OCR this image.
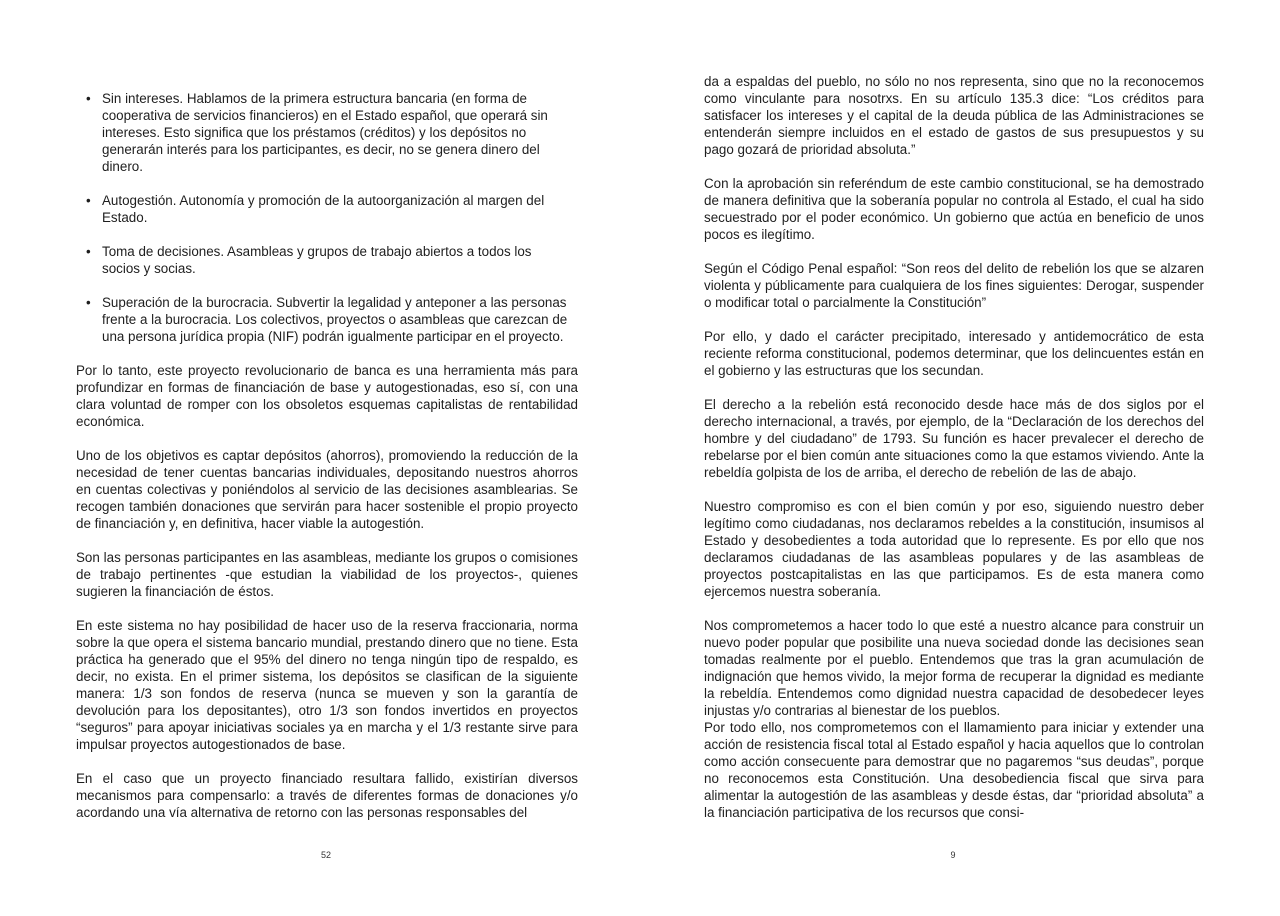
• Sin intereses. Hablamos de la primera estructura bancaria (en forma de cooperativa de servicios financieros) en el Estado español, que operará sin intereses. Esto significa que los préstamos (créditos) y los depósitos no generarán interés para los participantes, es decir, no se genera dinero del dinero.
• Autogestión. Autonomía y promoción de la autoorganización al margen del Estado.
• Toma de decisiones. Asambleas y grupos de trabajo abiertos a todos los socios y socias.
• Superación de la burocracia. Subvertir la legalidad y anteponer a las personas frente a la burocracia. Los colectivos, proyectos o asambleas que carezcan de una persona jurídica propia (NIF) podrán igualmente participar en el proyecto.

Por lo tanto, este proyecto revolucionario de banca es una herramienta más para profundizar en formas de financiación de base y autogestionadas, eso sí, con una clara voluntad de romper con los obsoletos esquemas capitalistas de rentabilidad económica.

Uno de los objetivos es captar depósitos (ahorros), promoviendo la reducción de la necesidad de tener cuentas bancarias individuales, depositando nuestros ahorros en cuentas colectivas y poniéndolos al servicio de las decisiones asamblearias. Se recogen también donaciones que servirán para hacer sostenible el propio proyecto de financiación y, en definitiva, hacer viable la autogestión.

Son las personas participantes en las asambleas, mediante los grupos o comisiones de trabajo pertinentes -que estudian la viabilidad de los proyectos-, quienes sugieren la financiación de éstos.

En este sistema no hay posibilidad de hacer uso de la reserva fraccionaria, norma sobre la que opera el sistema bancario mundial, prestando dinero que no tiene. Esta práctica ha generado que el 95% del dinero no tenga ningún tipo de respaldo, es decir, no exista. En el primer sistema, los depósitos se clasifican de la siguiente manera: 1/3 son fondos de reserva (nunca se mueven y son la garantía de devolución para los depositantes), otro 1/3 son fondos invertidos en proyectos “seguros” para apoyar iniciativas sociales ya en marcha y el 1/3 restante sirve para impulsar proyectos autogestionados de base.

En el caso que un proyecto financiado resultara fallido, existirían diversos mecanismos para compensarlo: a través de diferentes formas de donaciones y/o acordando una vía alternativa de retorno con las personas responsables del

52

da a espaldas del pueblo, no sólo no nos representa, sino que no la reconocemos como vinculante para nosotrxs. En su artículo 135.3 dice: “Los créditos para satisfacer los intereses y el capital de la deuda pública de las Administraciones se entenderán siempre incluidos en el estado de gastos de sus presupuestos y su pago gozará de prioridad absoluta.”

Con la aprobación sin referéndum de este cambio constitucional, se ha demostrado de manera definitiva que la soberanía popular no controla al Estado, el cual ha sido secuestrado por el poder económico. Un gobierno que actúa en beneficio de unos pocos es ilegítimo.

Según el Código Penal español: “Son reos del delito de rebelión los que se alzaren violenta y públicamente para cualquiera de los fines siguientes: Derogar, suspender o modificar total o parcialmente la Constitución”

Por ello, y dado el carácter precipitado, interesado y antidemocrático de esta reciente reforma constitucional, podemos determinar, que los delincuentes están en el gobierno y las estructuras que los secundan.

El derecho a la rebelión está reconocido desde hace más de dos siglos por el derecho internacional, a través, por ejemplo, de la “Declaración de los derechos del hombre y del ciudadano” de 1793. Su función es hacer prevalecer el derecho de rebelarse por el bien común ante situaciones como la que estamos viviendo. Ante la rebeldía golpista de los de arriba, el derecho de rebelión de las de abajo.

Nuestro compromiso es con el bien común y por eso, siguiendo nuestro deber legítimo como ciudadanas, nos declaramos rebeldes a la constitución, insumisos al Estado y desobedientes a toda autoridad que lo represente. Es por ello que nos declaramos ciudadanas de las asambleas populares y de las asambleas de proyectos postcapitalistas en las que participamos. Es de esta manera como ejercemos nuestra soberanía.

Nos comprometemos a hacer todo lo que esté a nuestro alcance para construir un nuevo poder popular que posibilite una nueva sociedad donde las decisiones sean tomadas realmente por el pueblo. Entendemos que tras la gran acumulación de indignación que hemos vivido, la mejor forma de recuperar la dignidad es mediante la rebeldía. Entendemos como dignidad nuestra capacidad de desobedecer leyes injustas y/o contrarias al bienestar de los pueblos.

Por todo ello, nos comprometemos con el llamamiento para iniciar y extender una acción de resistencia fiscal total al Estado español y hacia aquellos que lo controlan como acción consecuente para demostrar que no pagaremos “sus deudas”, porque no reconocemos esta Constitución. Una desobediencia fiscal que sirva para alimentar la autogestión de las asambleas y desde éstas, dar “prioridad absoluta” a la financiación participativa de los recursos que consi-

9
